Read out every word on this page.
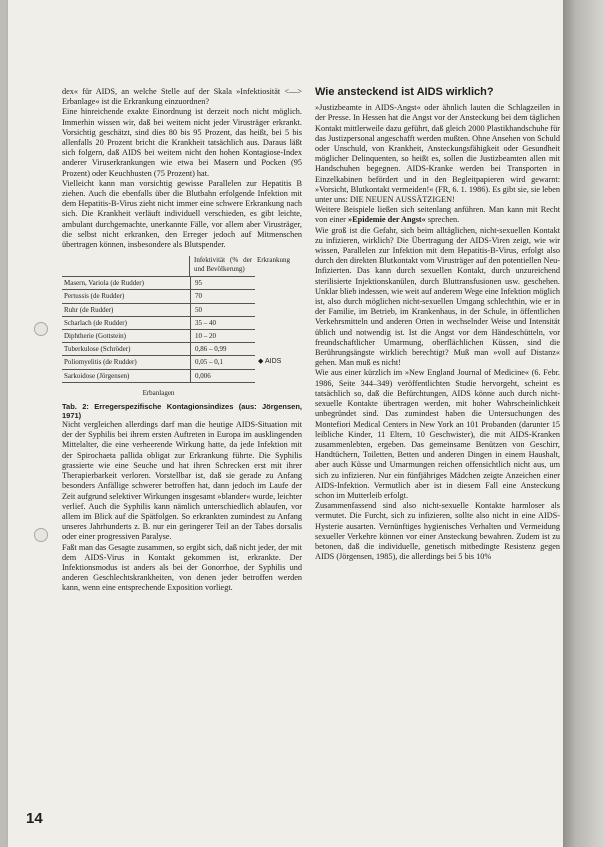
dex« für AIDS, an welche Stelle auf der Skala »Infektiosität <—> Erbanlage« ist die Erkrankung einzuordnen?

Eine hinreichende exakte Einordnung ist derzeit noch nicht möglich. Immerhin wissen wir, daß bei weitem nicht jeder Virusträger erkrankt. Vorsichtig geschätzt, sind dies 80 bis 95 Prozent, das heißt, bei 5 bis allenfalls 20 Prozent bricht die Krankheit tatsächlich aus. Daraus läßt sich folgern, daß AIDS bei weitem nicht den hohen Kontagiose-Index anderer Viruserkrankungen wie etwa bei Masern und Pocken (95 Prozent) oder Keuchhusten (75 Prozent) hat.

Vielleicht kann man vorsichtig gewisse Parallelen zur Hepatitis B ziehen. Auch die ebenfalls über die Blutbahn erfolgende Infektion mit dem Hepatitis-B-Virus zieht nicht immer eine schwere Erkrankung nach sich. Die Krankheit verläuft individuell verschieden, es gibt leichte, ambulant durchgemachte, unerkannte Fälle, vor allem aber Virusträger, die selbst nicht erkranken, den Erreger jedoch auf Mitmenschen übertragen können, insbesondere als Blutspender.

Infektivität (% der Erkrankung und Bevölkerung)
Masern, Variola (de Rudder)	95
Pertussis (de Rudder)	70
Ruhr (de Rudder)	50
Scharlach (de Rudder)	35 – 40
Diphtherie (Gottstein)	10 – 20
Tuberkulose (Schröder)	0,86 – 0,99
Poliomyelitis (de Rudder)	0,05 – 0,1
Sarkoidose (Jörgensen)	0,006
◆ AIDS
Erbanlagen

Tab. 2: Erregerspezifische Kontagionsindizes (aus: Jörgensen, 1971)

Nicht vergleichen allerdings darf man die heutige AIDS-Situation mit der der Syphilis bei ihrem ersten Auftreten in Europa im ausklingenden Mittelalter, die eine verheerende Wirkung hatte, da jede Infektion mit der Spirochaeta pallida obligat zur Erkrankung führte. Die Syphilis grassierte wie eine Seuche und hat ihren Schrecken erst mit ihrer Therapierbarkeit verloren. Vorstellbar ist, daß sie gerade zu Anfang besonders Anfällige schwerer betroffen hat, dann jedoch im Laufe der Zeit aufgrund selektiver Wirkungen insgesamt »blander« wurde, leichter verlief. Auch die Syphilis kann nämlich unterschiedlich ablaufen, vor allem im Blick auf die Spätfolgen. So erkrankten zumindest zu Anfang unseres Jahrhunderts z. B. nur ein geringerer Teil an der Tabes dorsalis oder einer progressiven Paralyse.

Faßt man das Gesagte zusammen, so ergibt sich, daß nicht jeder, der mit dem AIDS-Virus in Kontakt gekommen ist, erkrankte. Der Infektionsmodus ist anders als bei der Gonorrhoe, der Syphilis und anderen Geschlechtskrankheiten, von denen jeder betroffen werden kann, wenn eine entsprechende Exposition vorliegt.

Wie ansteckend ist AIDS wirklich?

»Justizbeamte in AIDS-Angst« oder ähnlich lauten die Schlagzeilen in der Presse. In Hessen hat die Angst vor der Ansteckung bei dem täglichen Kontakt mittlerweile dazu geführt, daß gleich 2000 Plastikhandschuhe für das Justizpersonal angeschafft werden mußten. Ohne Ansehen von Schuld oder Unschuld, von Krankheit, Ansteckungsfähigkeit oder Gesundheit möglicher Delinquenten, so heißt es, sollen die Justizbeamten allen mit Handschuhen begegnen. AIDS-Kranke werden bei Transporten in Einzelkabinen befördert und in den Begleitpapieren wird gewarnt: »Vorsicht, Blutkontakt vermeiden!« (FR, 6. 1. 1986). Es gibt sie, sie leben unter uns: DIE NEUEN AUSSÄTZIGEN!

Weitere Beispiele ließen sich seitenlang anführen. Man kann mit Recht von einer »Epidemie der Angst« sprechen.

Wie groß ist die Gefahr, sich beim alltäglichen, nicht-sexuellen Kontakt zu infizieren, wirklich? Die Übertragung der AIDS-Viren zeigt, wie wir wissen, Parallelen zur Infektion mit dem Hepatitis-B-Virus, erfolgt also durch den direkten Blutkontakt vom Virusträger auf den potentiellen Neu-Infizierten. Das kann durch sexuellen Kontakt, durch unzureichend sterilisierte Injektionskanülen, durch Bluttransfusionen usw. geschehen. Unklar blieb indessen, wie weit auf anderem Wege eine Infektion möglich ist, also durch möglichen nicht-sexuellen Umgang schlechthin, wie er in der Familie, im Betrieb, im Krankenhaus, in der Schule, in öffentlichen Verkehrsmitteln und anderen Orten in wechselnder Weise und Intensität üblich und notwendig ist. Ist die Angst vor dem Händeschütteln, vor freundschaftlicher Umarmung, oberflächlichen Küssen, sind die Berührungsängste wirklich berechtigt? Muß man »voll auf Distanz« gehen. Man muß es nicht!

Wie aus einer kürzlich im »New England Journal of Medicine« (6. Febr. 1986, Seite 344–349) veröffentlichten Studie hervorgeht, scheint es tatsächlich so, daß die Befürchtungen, AIDS könne auch durch nicht-sexuelle Kontakte übertragen werden, mit hoher Wahrscheinlichkeit unbegründet sind. Das zumindest haben die Untersuchungen des Montefiori Medical Centers in New York an 101 Probanden (darunter 15 leibliche Kinder, 11 Eltern, 10 Geschwister), die mit AIDS-Kranken zusammenlebten, ergeben. Das gemeinsame Benützen von Geschirr, Handtüchern, Toiletten, Betten und anderen Dingen in einem Haushalt, aber auch Küsse und Umarmungen reichen offensichtlich nicht aus, um sich zu infizieren. Nur ein fünfjähriges Mädchen zeigte Anzeichen einer AIDS-Infektion. Vermutlich aber ist in diesem Fall eine Ansteckung schon im Mutterleib erfolgt.

Zusammenfassend sind also nicht-sexuelle Kontakte harmloser als vermutet. Die Furcht, sich zu infizieren, sollte also nicht in eine AIDS-Hysterie ausarten. Vernünftiges hygienisches Verhalten und Vermeidung sexueller Verkehre können vor einer Ansteckung bewahren. Zudem ist zu betonen, daß die individuelle, genetisch mitbedingte Resistenz gegen AIDS (Jörgensen, 1985), die allerdings bei 5 bis 10%

14
